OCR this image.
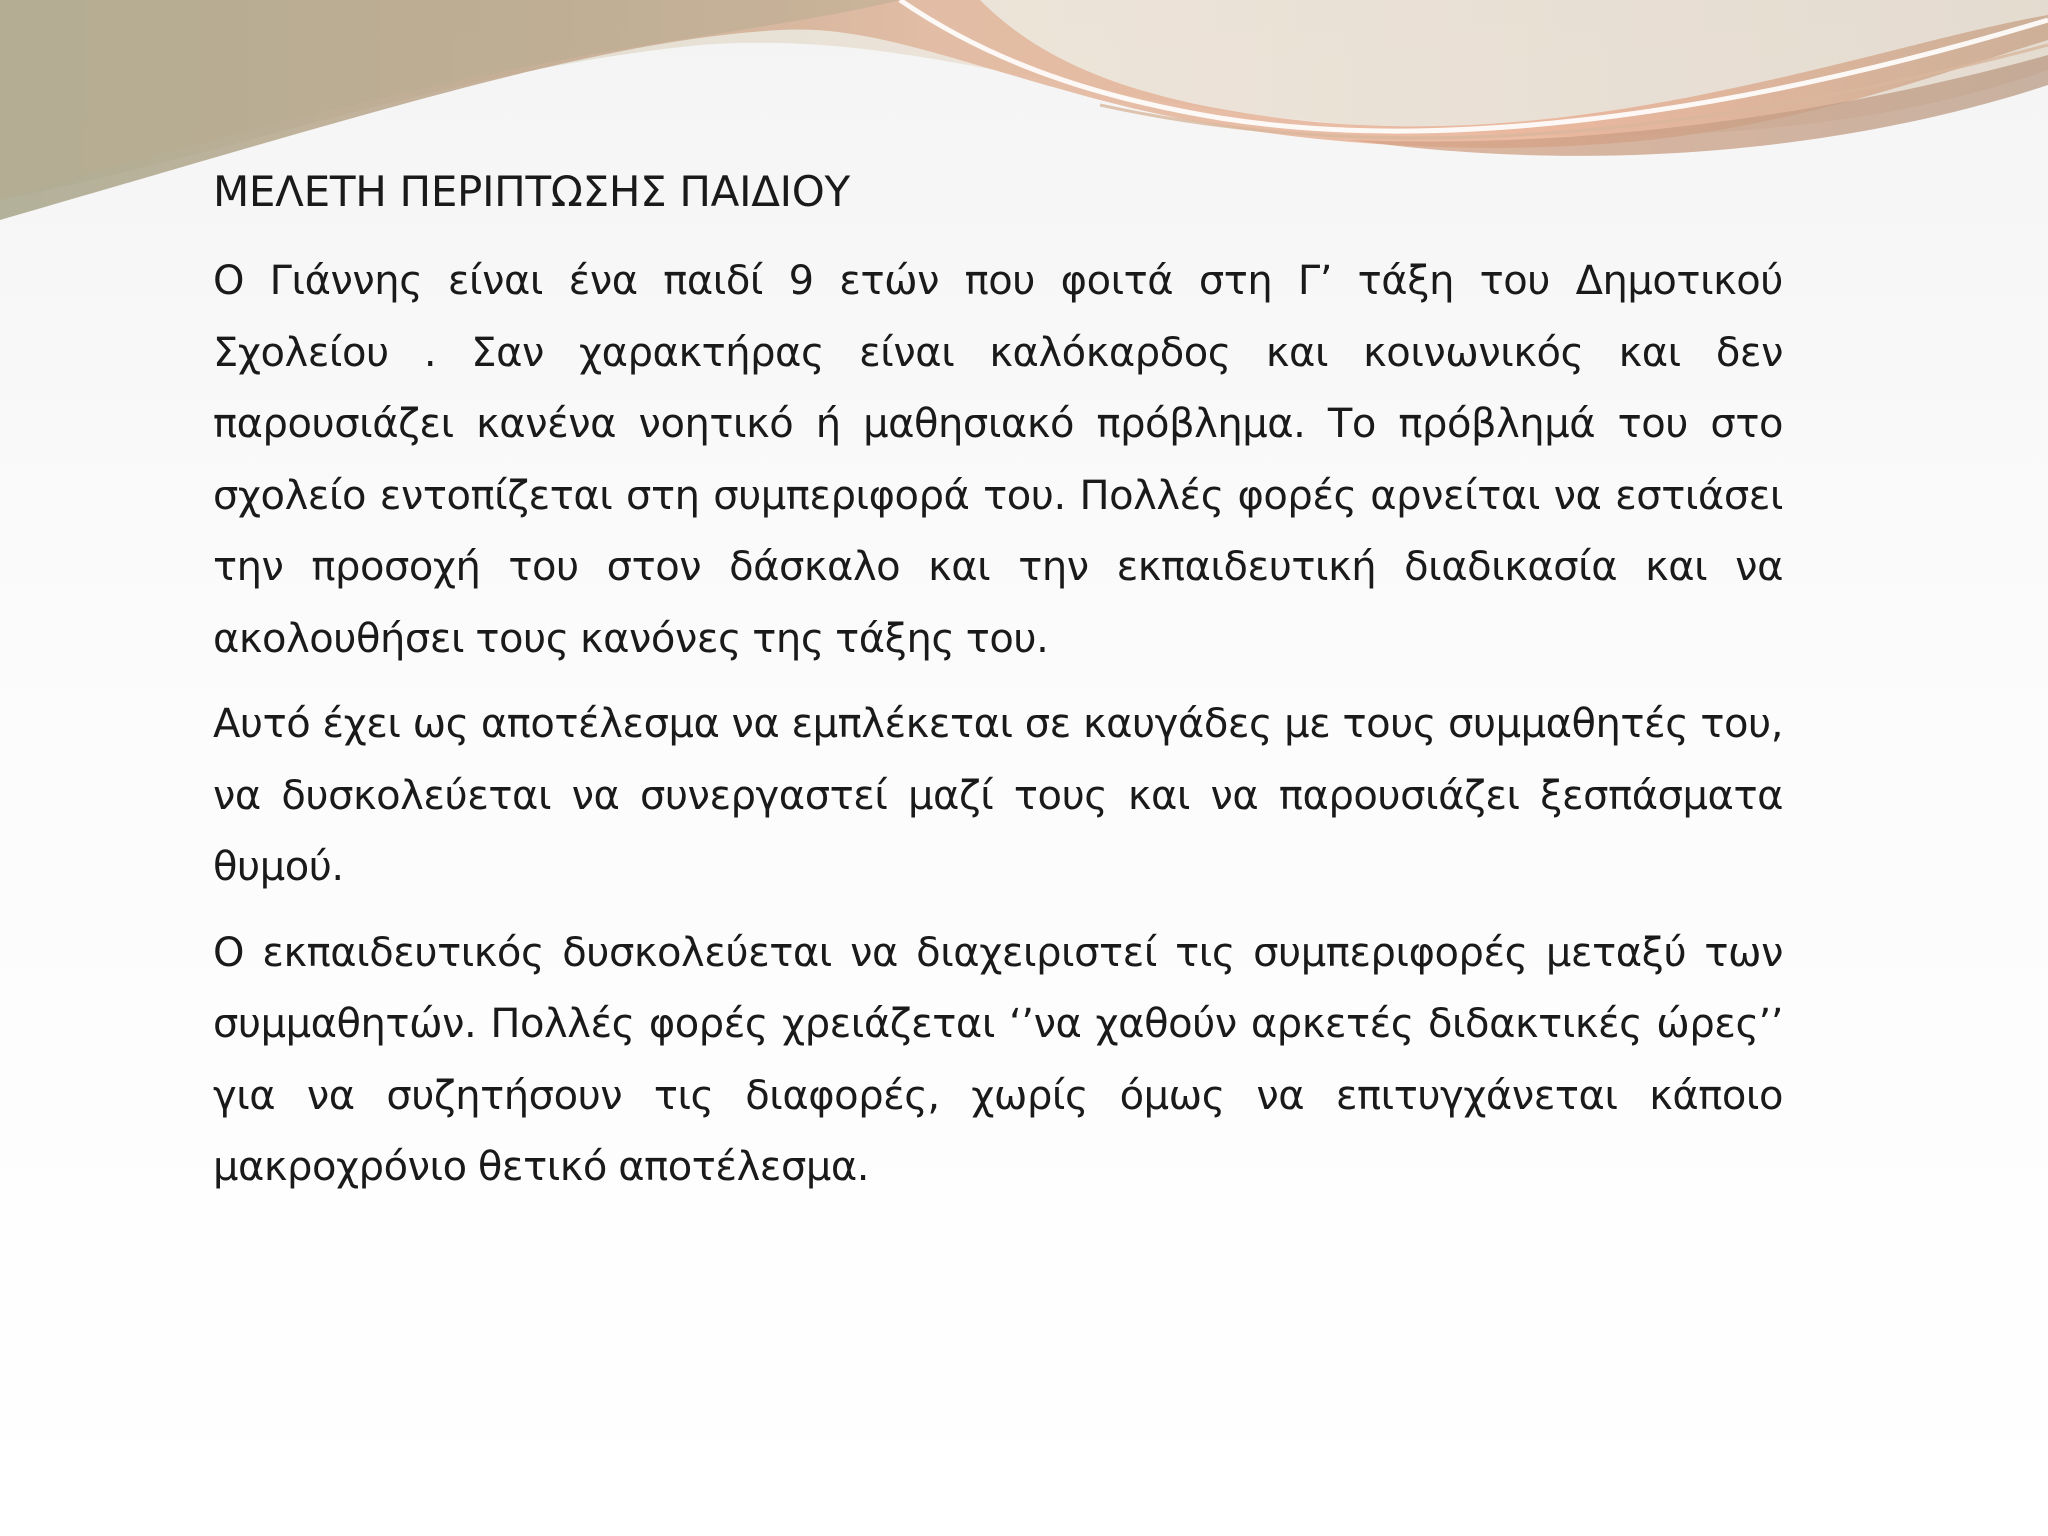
ΜΕΛΕΤΗ ΠΕΡΙΠΤΩΣΗΣ ΠΑΙΔΙΟΥ

Ο Γιάννης είναι ένα παιδί 9 ετών που φοιτά στη Γ’ τάξη του Δημοτικού Σχολείου . Σαν χαρακτήρας είναι καλόκαρδος και κοινωνικός και δεν παρουσιάζει κανένα νοητικό ή μαθησιακό πρόβλημα. Το πρόβλημά του στο σχολείο εντοπίζεται στη συμπεριφορά του. Πολλές φορές αρνείται να εστιάσει την προσοχή του στον δάσκαλο και την εκπαιδευτική διαδικασία και να ακολουθήσει τους κανόνες της τάξης του.

Αυτό έχει ως αποτέλεσμα να εμπλέκεται σε καυγάδες με τους συμμαθητές του, να δυσκολεύεται να συνεργαστεί μαζί τους και να παρουσιάζει ξεσπάσματα θυμού.

Ο εκπαιδευτικός δυσκολεύεται να διαχειριστεί τις συμπεριφορές μεταξύ των συμμαθητών. Πολλές φορές χρειάζεται ‘’να χαθούν αρκετές διδακτικές ώρες’’ για να συζητήσουν τις διαφορές, χωρίς όμως να επιτυγχάνεται κάποιο μακροχρόνιο θετικό αποτέλεσμα.
